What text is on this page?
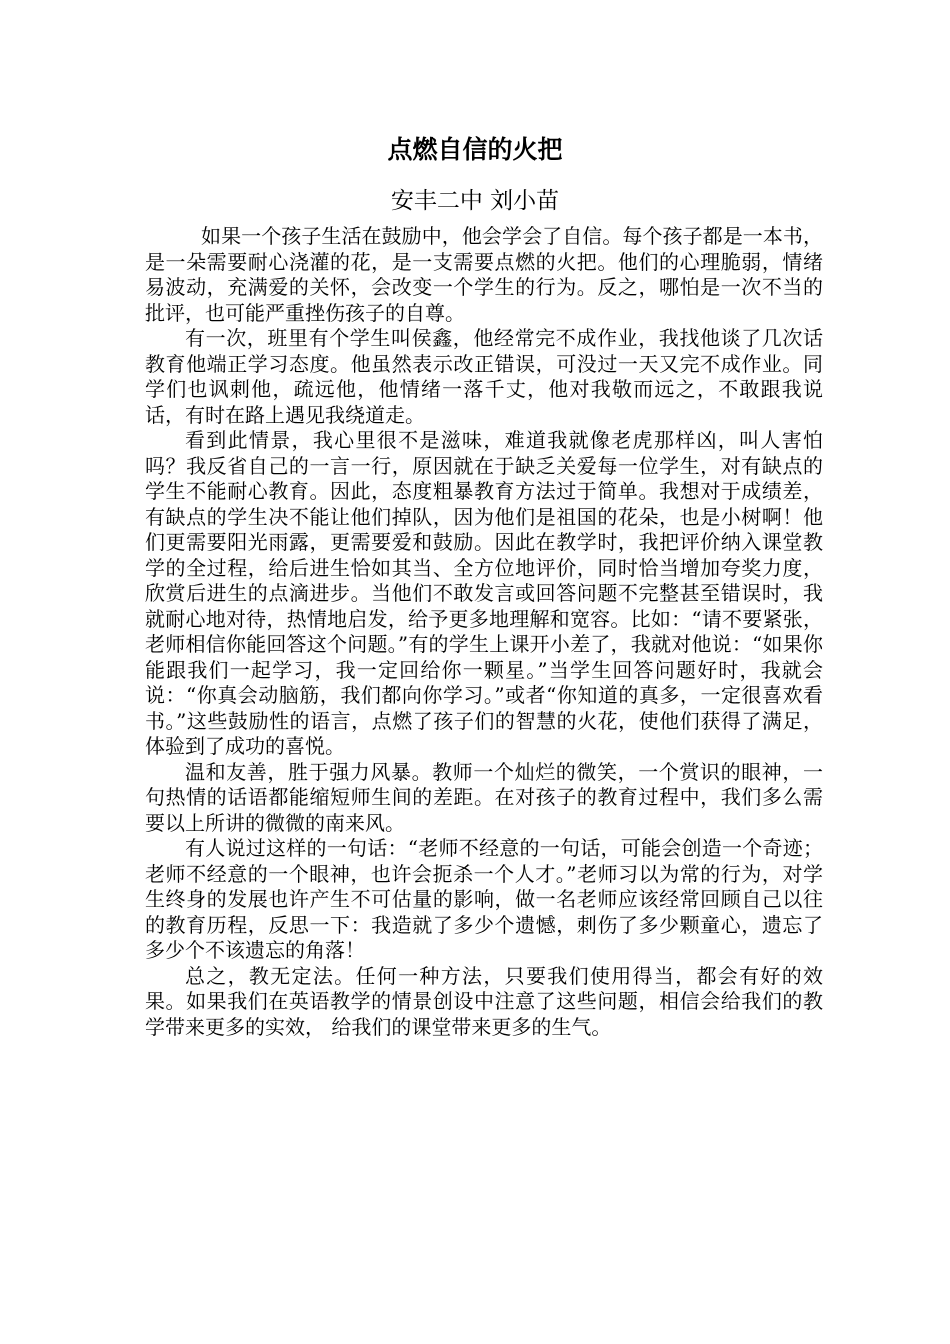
点燃自信的火把
安丰二中 刘小苗

如果一个孩子生活在鼓励中，他会学会了自信。每个孩子都是一本书，是一朵需要耐心浇灌的花，是一支需要点燃的火把。他们的心理脆弱，情绪易波动，充满爱的关怀，会改变一个学生的行为。反之，哪怕是一次不当的批评，也可能严重挫伤孩子的自尊。

有一次，班里有个学生叫侯鑫，他经常完不成作业，我找他谈了几次话教育他端正学习态度。他虽然表示改正错误，可没过一天又完不成作业。同学们也讽刺他，疏远他，他情绪一落千丈，他对我敬而远之，不敢跟我说话，有时在路上遇见我绕道走。

看到此情景，我心里很不是滋味，难道我就像老虎那样凶，叫人害怕吗？我反省自己的一言一行，原因就在于缺乏关爱每一位学生，对有缺点的学生不能耐心教育。因此，态度粗暴教育方法过于简单。我想对于成绩差，有缺点的学生决不能让他们掉队，因为他们是祖国的花朵，也是小树啊！他们更需要阳光雨露，更需要爱和鼓励。因此在教学时，我把评价纳入课堂教学的全过程，给后进生恰如其当、全方位地评价，同时恰当增加夸奖力度，欣赏后进生的点滴进步。当他们不敢发言或回答问题不完整甚至错误时，我就耐心地对待，热情地启发，给予更多地理解和宽容。比如：“请不要紧张，老师相信你能回答这个问题。”有的学生上课开小差了，我就对他说：“如果你能跟我们一起学习，我一定回给你一颗星。”当学生回答问题好时，我就会说：“你真会动脑筋，我们都向你学习。”或者“你知道的真多，一定很喜欢看书。”这些鼓励性的语言，点燃了孩子们的智慧的火花，使他们获得了满足，体验到了成功的喜悦。

温和友善，胜于强力风暴。教师一个灿烂的微笑，一个赏识的眼神，一句热情的话语都能缩短师生间的差距。在对孩子的教育过程中，我们多么需要以上所讲的微微的南来风。

有人说过这样的一句话：“老师不经意的一句话，可能会创造一个奇迹；老师不经意的一个眼神，也许会扼杀一个人才。”老师习以为常的行为，对学生终身的发展也许产生不可估量的影响，做一名老师应该经常回顾自己以往的教育历程，反思一下：我造就了多少个遗憾，刺伤了多少颗童心，遗忘了多少个不该遗忘的角落！

总之，教无定法。任何一种方法，只要我们使用得当，都会有好的效果。如果我们在英语教学的情景创设中注意了这些问题，相信会给我们的教学带来更多的实效， 给我们的课堂带来更多的生气。
